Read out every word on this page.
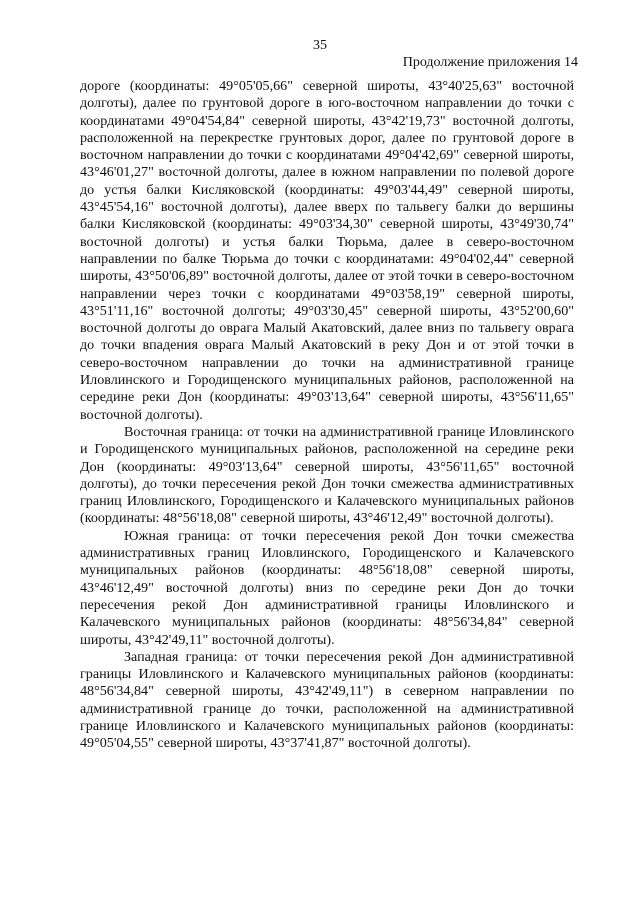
35
Продолжение приложения 14

дороге (координаты: 49°05'05,66" северной широты, 43°40'25,63" восточной долготы), далее по грунтовой дороге в юго-восточном направлении до точки с координатами 49°04'54,84" северной широты, 43°42'19,73" восточной долготы, расположенной на перекрестке грунтовых дорог, далее по грунтовой дороге в восточном направлении до точки с координатами 49°04'42,69" северной широты, 43°46'01,27" восточной долготы, далее в южном направлении по полевой дороге до устья балки Кисляковской (координаты: 49°03'44,49" северной широты, 43°45'54,16" восточной долготы), далее вверх по тальвегу балки до вершины балки Кисляковской (координаты: 49°03'34,30" северной широты, 43°49'30,74" восточной долготы) и устья балки Тюрьма, далее в северо-восточном направлении по балке Тюрьма до точки с координатами: 49°04'02,44" северной широты, 43°50'06,89" восточной долготы, далее от этой точки в северо-восточном направлении через точки с координатами 49°03'58,19" северной широты, 43°51'11,16" восточной долготы; 49°03'30,45" северной широты, 43°52'00,60" восточной долготы до оврага Малый Акатовский, далее вниз по тальвегу оврага до точки впадения оврага Малый Акатовский в реку Дон и от этой точки в северо-восточном направлении до точки на административной границе Иловлинского и Городищенского муниципальных районов, расположенной на середине реки Дон (координаты: 49°03'13,64" северной широты, 43°56'11,65" восточной долготы).

Восточная граница: от точки на административной границе Иловлинского и Городищенского муниципальных районов, расположенной на середине реки Дон (координаты: 49°03'13,64" северной широты, 43°56'11,65" восточной долготы), до точки пересечения рекой Дон точки смежества административных границ Иловлинского, Городищенского и Калачевского муниципальных районов (координаты: 48°56'18,08" северной широты, 43°46'12,49" восточной долготы).

Южная граница: от точки пересечения рекой Дон точки смежества административных границ Иловлинского, Городищенского и Калачевского муниципальных районов (координаты: 48°56'18,08" северной широты, 43°46'12,49" восточной долготы) вниз по середине реки Дон до точки пересечения рекой Дон административной границы Иловлинского и Калачевского муниципальных районов (координаты: 48°56'34,84" северной широты, 43°42'49,11" восточной долготы).

Западная граница: от точки пересечения рекой Дон административной границы Иловлинского и Калачевского муниципальных районов (координаты: 48°56'34,84" северной широты, 43°42'49,11") в северном направлении по административной границе до точки, расположенной на административной границе Иловлинского и Калачевского муниципальных районов (координаты: 49°05'04,55" северной широты, 43°37'41,87" восточной долготы).
